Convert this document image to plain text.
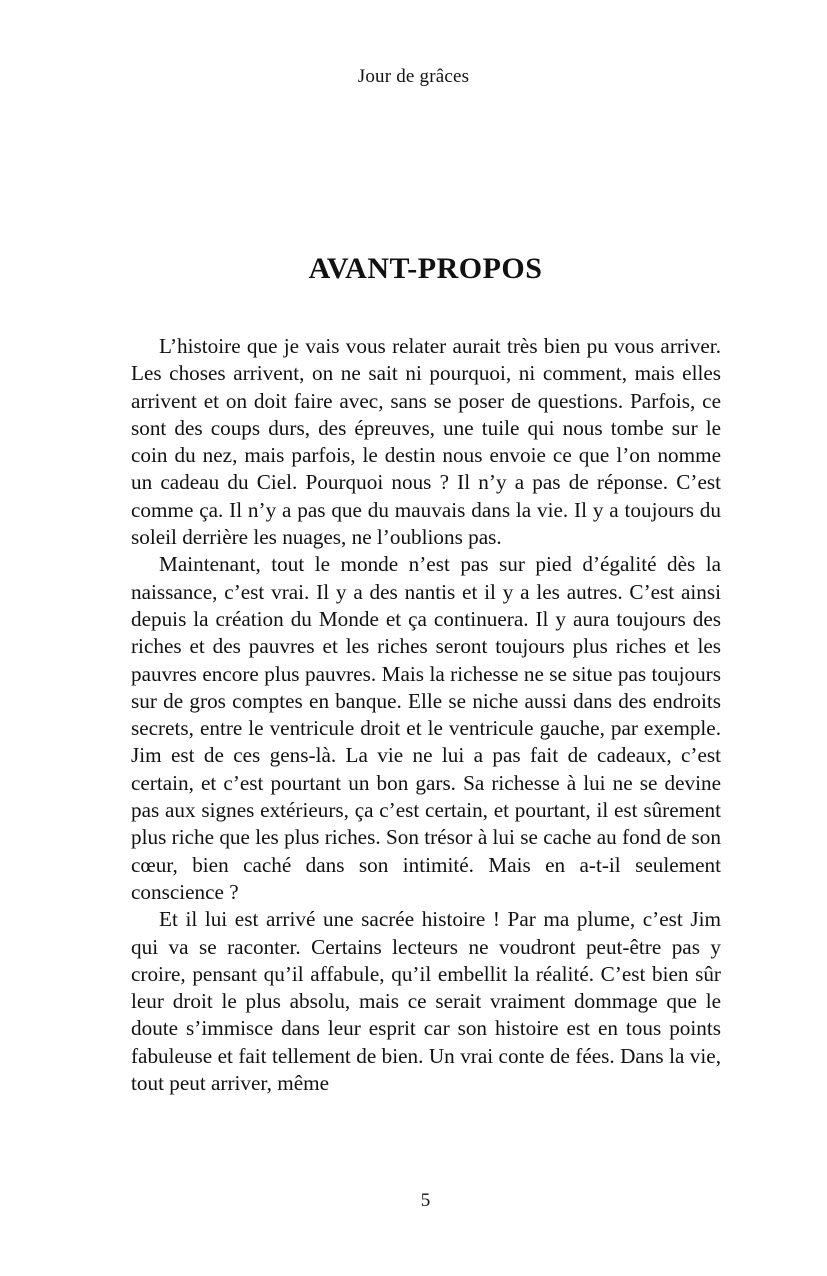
Jour de grâces
AVANT-PROPOS

L’histoire que je vais vous relater aurait très bien pu vous arriver. Les choses arrivent, on ne sait ni pourquoi, ni comment, mais elles arrivent et on doit faire avec, sans se poser de questions. Parfois, ce sont des coups durs, des épreuves, une tuile qui nous tombe sur le coin du nez, mais parfois, le destin nous envoie ce que l’on nomme un cadeau du Ciel. Pourquoi nous ? Il n’y a pas de réponse. C’est comme ça. Il n’y a pas que du mauvais dans la vie. Il y a toujours du soleil derrière les nuages, ne l’oublions pas.

Maintenant, tout le monde n’est pas sur pied d’égalité dès la naissance, c’est vrai. Il y a des nantis et il y a les autres. C’est ainsi depuis la création du Monde et ça continuera. Il y aura toujours des riches et des pauvres et les riches seront toujours plus riches et les pauvres encore plus pauvres. Mais la richesse ne se situe pas toujours sur de gros comptes en banque. Elle se niche aussi dans des endroits secrets, entre le ventricule droit et le ventricule gauche, par exemple. Jim est de ces gens-là. La vie ne lui a pas fait de cadeaux, c’est certain, et c’est pourtant un bon gars. Sa richesse à lui ne se devine pas aux signes extérieurs, ça c’est certain, et pourtant, il est sûrement plus riche que les plus riches. Son trésor à lui se cache au fond de son cœur, bien caché dans son intimité. Mais en a-t-il seulement conscience ?

Et il lui est arrivé une sacrée histoire ! Par ma plume, c’est Jim qui va se raconter. Certains lecteurs ne voudront peut-être pas y croire, pensant qu’il affabule, qu’il embellit la réalité. C’est bien sûr leur droit le plus absolu, mais ce serait vraiment dommage que le doute s’immisce dans leur esprit car son histoire est en tous points fabuleuse et fait tellement de bien. Un vrai conte de fées. Dans la vie, tout peut arriver, même

5
